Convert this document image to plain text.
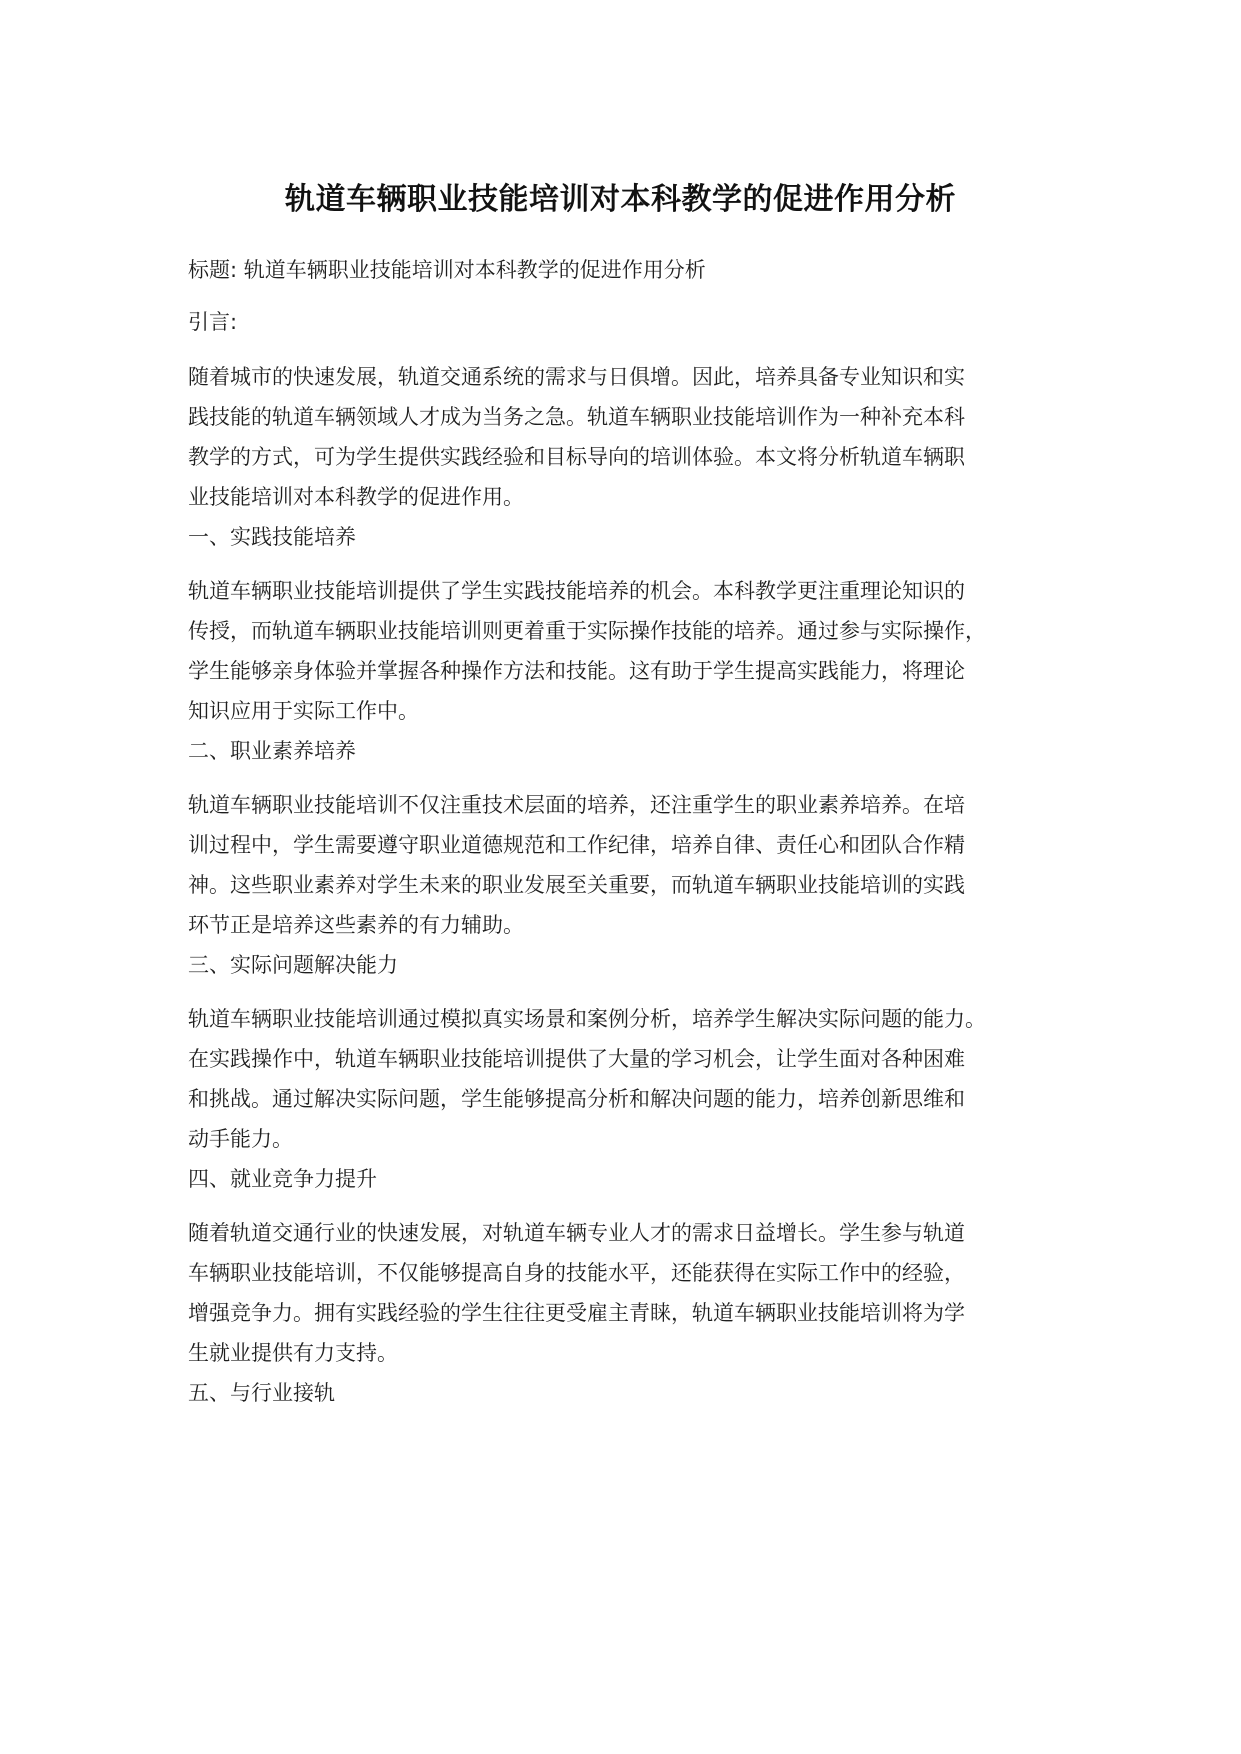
轨道车辆职业技能培训对本科教学的促进作用分析

标题: 轨道车辆职业技能培训对本科教学的促进作用分析

引言:

随着城市的快速发展，轨道交通系统的需求与日俱增。因此，培养具备专业知识和实
践技能的轨道车辆领域人才成为当务之急。轨道车辆职业技能培训作为一种补充本科
教学的方式，可为学生提供实践经验和目标导向的培训体验。本文将分析轨道车辆职
业技能培训对本科教学的促进作用。

一、实践技能培养

轨道车辆职业技能培训提供了学生实践技能培养的机会。本科教学更注重理论知识的
传授，而轨道车辆职业技能培训则更着重于实际操作技能的培养。通过参与实际操作，
学生能够亲身体验并掌握各种操作方法和技能。这有助于学生提高实践能力，将理论
知识应用于实际工作中。

二、职业素养培养

轨道车辆职业技能培训不仅注重技术层面的培养，还注重学生的职业素养培养。在培
训过程中，学生需要遵守职业道德规范和工作纪律，培养自律、责任心和团队合作精
神。这些职业素养对学生未来的职业发展至关重要，而轨道车辆职业技能培训的实践
环节正是培养这些素养的有力辅助。

三、实际问题解决能力

轨道车辆职业技能培训通过模拟真实场景和案例分析，培养学生解决实际问题的能力。
在实践操作中，轨道车辆职业技能培训提供了大量的学习机会，让学生面对各种困难
和挑战。通过解决实际问题，学生能够提高分析和解决问题的能力，培养创新思维和
动手能力。

四、就业竞争力提升

随着轨道交通行业的快速发展，对轨道车辆专业人才的需求日益增长。学生参与轨道
车辆职业技能培训，不仅能够提高自身的技能水平，还能获得在实际工作中的经验，
增强竞争力。拥有实践经验的学生往往更受雇主青睐，轨道车辆职业技能培训将为学
生就业提供有力支持。

五、与行业接轨
